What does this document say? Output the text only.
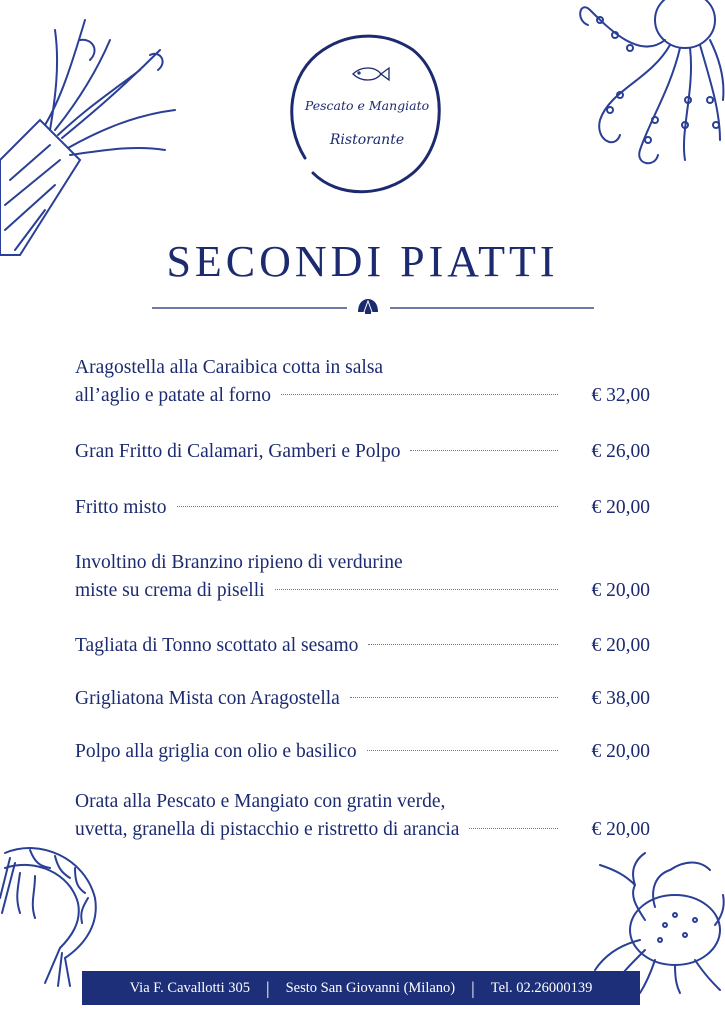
Pescato e Mangiato
Ristorante
SECONDI PIATTI
Aragostella alla Caraibica cotta in salsa
all’aglio e patate al forno	€ 32,00
Gran Fritto di Calamari, Gamberi e Polpo	€ 26,00
Fritto misto	€ 20,00
Involtino di Branzino ripieno di verdurine
miste su crema di piselli	€ 20,00
Tagliata di Tonno scottato al sesamo	€ 20,00
Grigliatona Mista con Aragostella	€ 38,00
Polpo alla griglia con olio e basilico	€ 20,00
Orata alla Pescato e Mangiato con gratin verde,
uvetta, granella di pistacchio e ristretto di arancia	€ 20,00
Via F. Cavallotti 305 | Sesto San Giovanni (Milano) | Tel. 02.26000139
